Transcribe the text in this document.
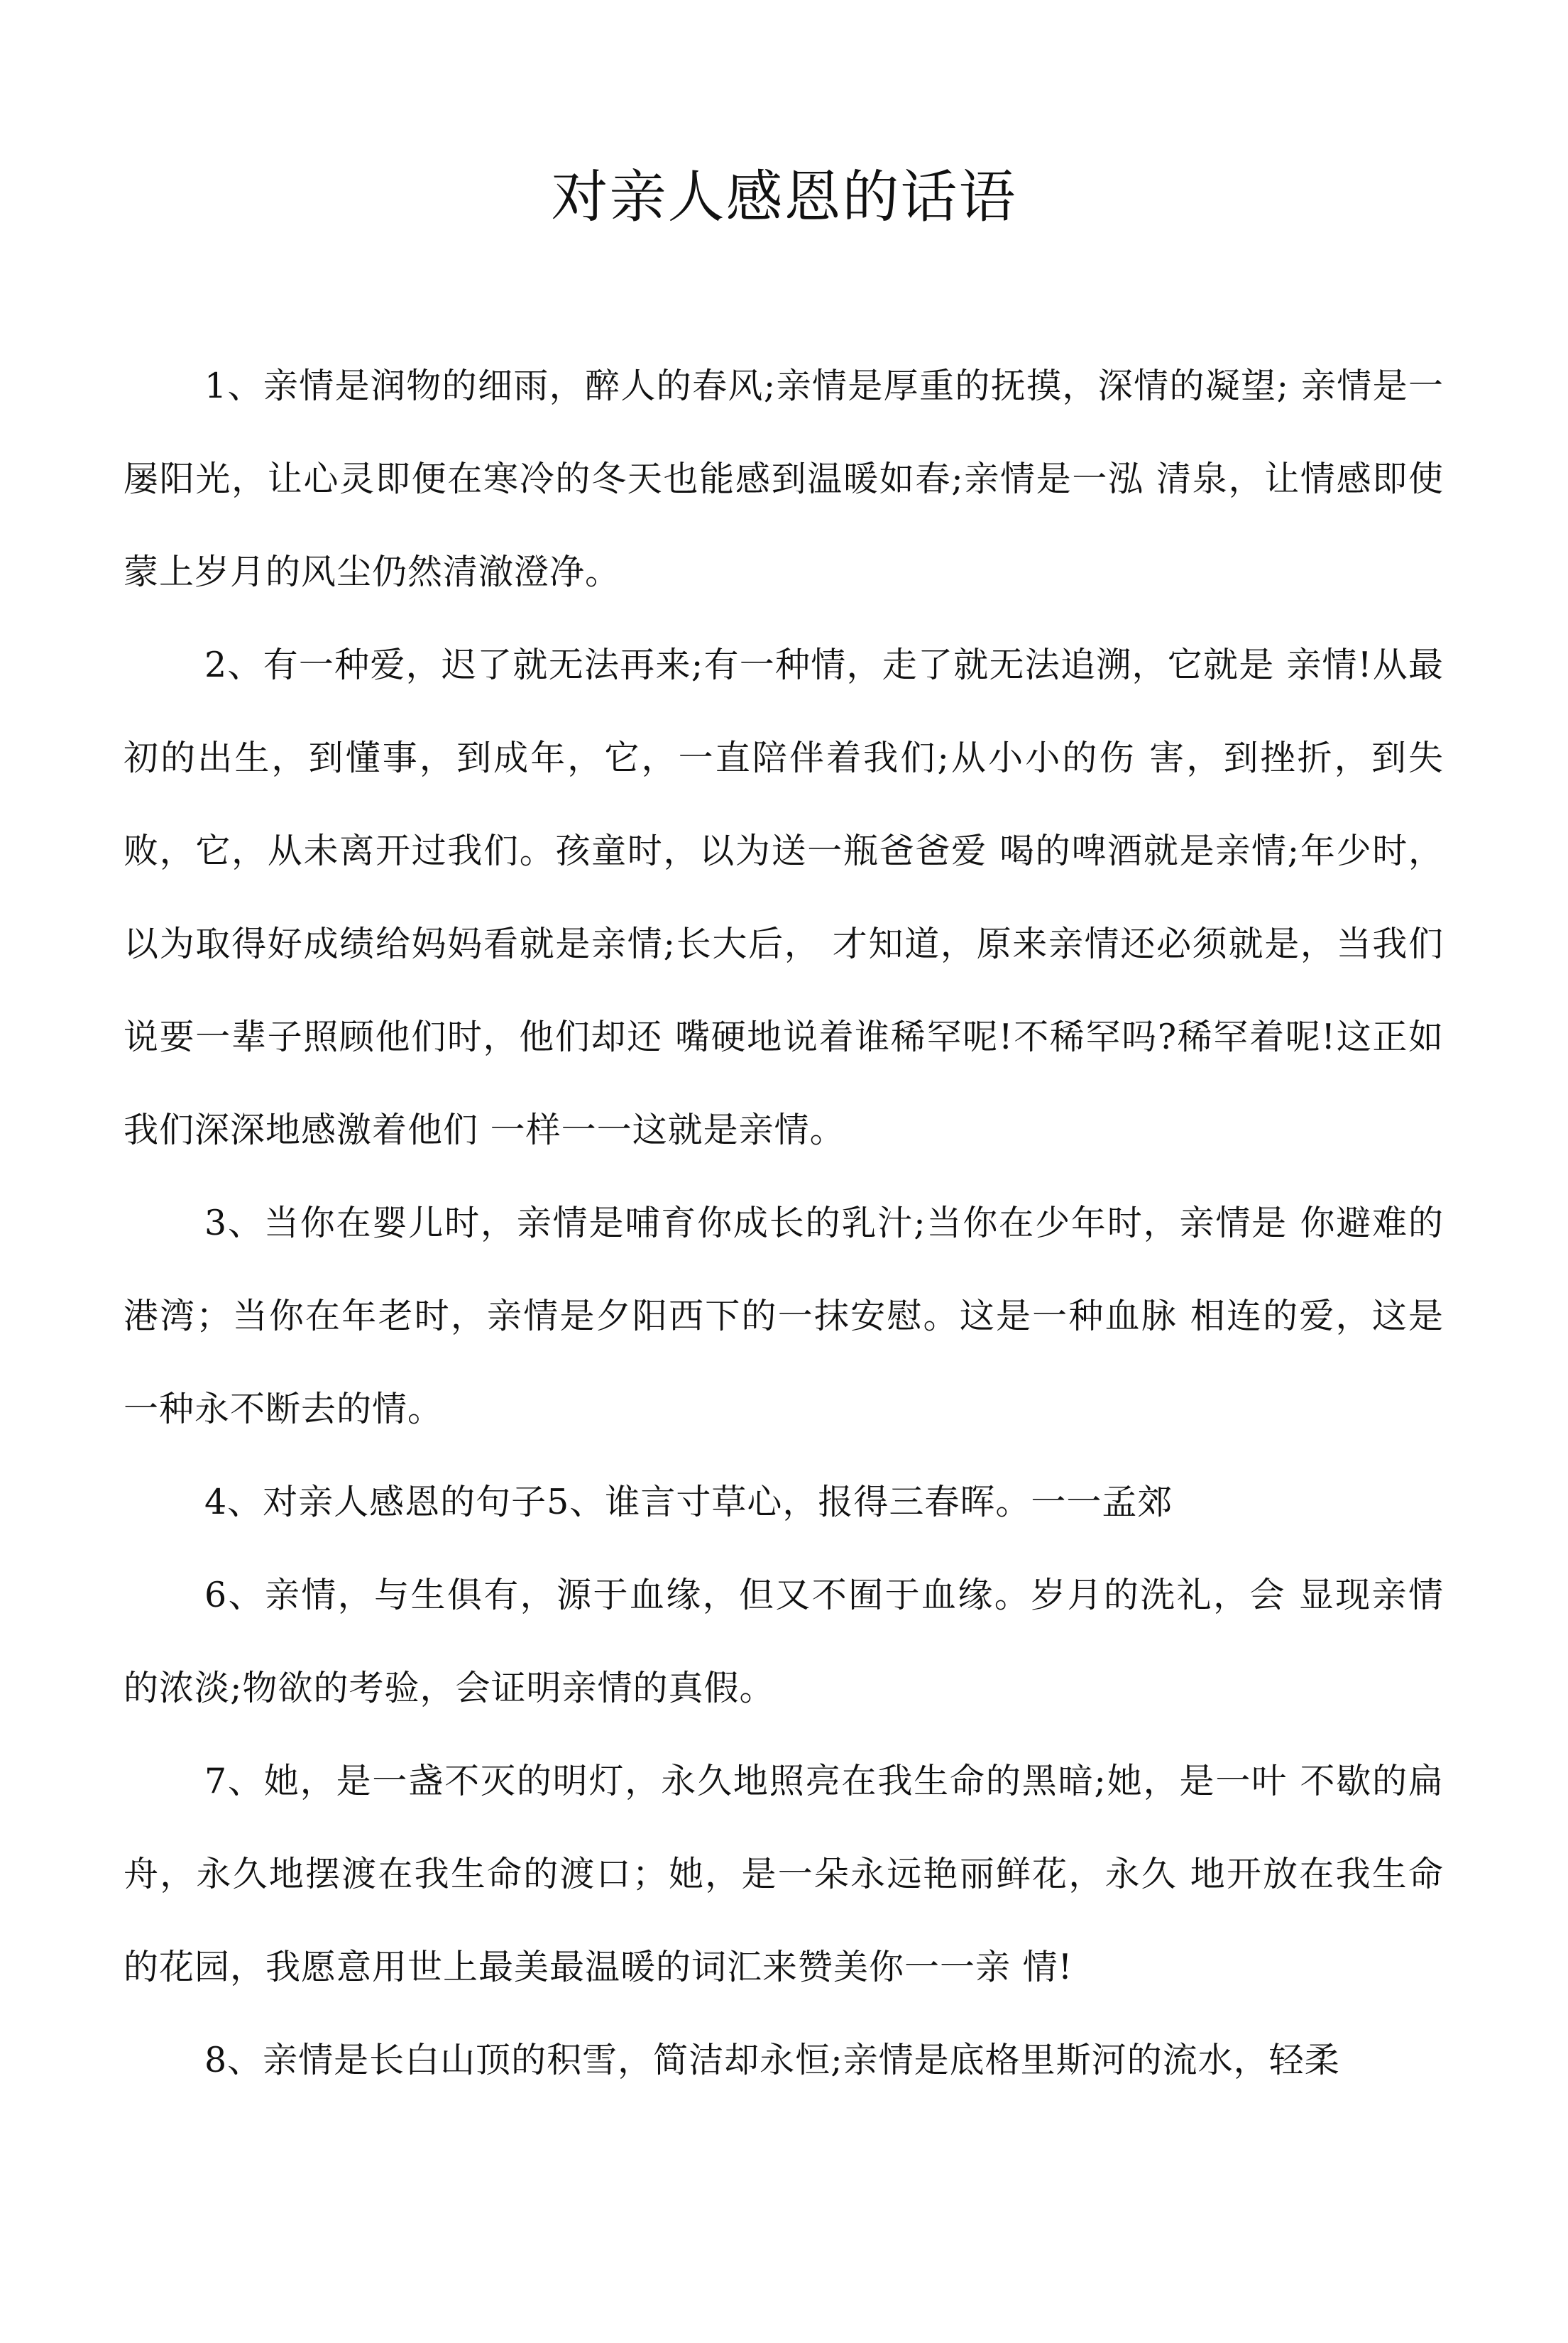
对亲人感恩的话语

1、亲情是润物的细雨，醉人的春风;亲情是厚重的抚摸，深情的凝望; 亲情是一屡阳光，让心灵即便在寒冷的冬天也能感到温暖如春;亲情是一泓 清泉，让情感即使蒙上岁月的风尘仍然清澈澄净。

2、有一种爱，迟了就无法再来;有一种情，走了就无法追溯，它就是 亲情!从最初的出生，到懂事，到成年，它，一直陪伴着我们;从小小的伤 害，到挫折，到失败，它，从未离开过我们。孩童时，以为送一瓶爸爸爱 喝的啤酒就是亲情;年少时，以为取得好成绩给妈妈看就是亲情;长大后， 才知道，原来亲情还必须就是，当我们说要一辈子照顾他们时，他们却还 嘴硬地说着谁稀罕呢!不稀罕吗?稀罕着呢!这正如我们深深地感激着他们 一样一一这就是亲情。

3、当你在婴儿时，亲情是哺育你成长的乳汁;当你在少年时，亲情是 你避难的港湾；当你在年老时，亲情是夕阳西下的一抹安慰。这是一种血脉 相连的爱，这是一种永不断去的情。

4、对亲人感恩的句子5、谁言寸草心，报得三春晖。一一孟郊

6、亲情，与生俱有，源于血缘，但又不囿于血缘。岁月的洗礼，会 显现亲情的浓淡;物欲的考验，会证明亲情的真假。

7、她，是一盏不灭的明灯，永久地照亮在我生命的黑暗;她，是一叶 不歇的扁舟，永久地摆渡在我生命的渡口；她，是一朵永远艳丽鲜花，永久 地开放在我生命的花园，我愿意用世上最美最温暖的词汇来赞美你一一亲 情!

8、亲情是长白山顶的积雪，简洁却永恒;亲情是底格里斯河的流水，轻柔
